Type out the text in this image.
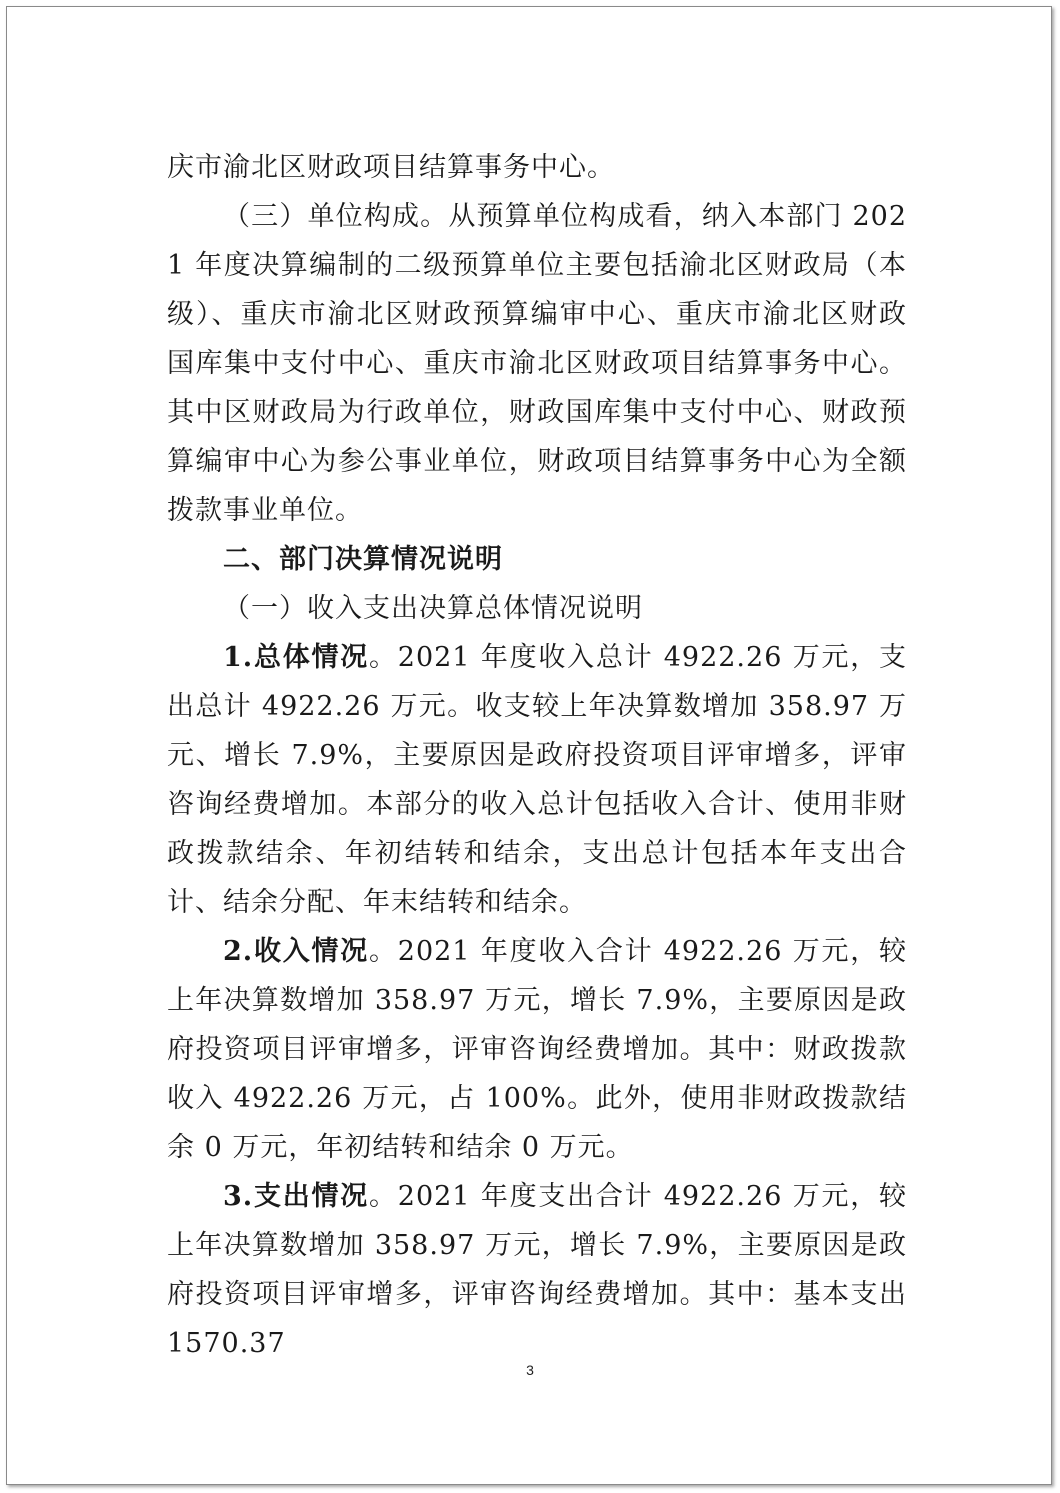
庆市渝北区财政项目结算事务中心。

（三）单位构成。从预算单位构成看，纳入本部门 2021 年度决算编制的二级预算单位主要包括渝北区财政局（本级）、重庆市渝北区财政预算编审中心、重庆市渝北区财政国库集中支付中心、重庆市渝北区财政项目结算事务中心。其中区财政局为行政单位，财政国库集中支付中心、财政预算编审中心为参公事业单位，财政项目结算事务中心为全额拨款事业单位。

二、部门决算情况说明

（一）收入支出决算总体情况说明

1.总体情况。2021 年度收入总计 4922.26 万元，支出总计 4922.26 万元。收支较上年决算数增加 358.97 万元、增长 7.9%，主要原因是政府投资项目评审增多，评审咨询经费增加。本部分的收入总计包括收入合计、使用非财政拨款结余、年初结转和结余，支出总计包括本年支出合计、结余分配、年末结转和结余。

2.收入情况。2021 年度收入合计 4922.26 万元，较上年决算数增加 358.97 万元，增长 7.9%，主要原因是政府投资项目评审增多，评审咨询经费增加。其中：财政拨款收入 4922.26 万元，占 100%。此外，使用非财政拨款结余 0 万元，年初结转和结余 0 万元。

3.支出情况。2021 年度支出合计 4922.26 万元，较上年决算数增加 358.97 万元，增长 7.9%，主要原因是政府投资项目评审增多，评审咨询经费增加。其中：基本支出 1570.37

3
